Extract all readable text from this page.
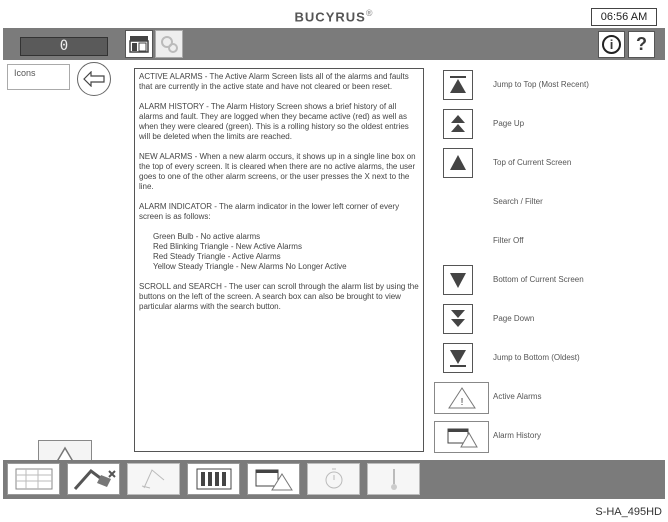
BUCYRUS®	06:56 AM
0	i	?
Icons	ACTIVE ALARMS - The Active Alarm Screen lists all of the alarms and faults that are currently in the active state and have not cleared or been reset.

ALARM HISTORY - The Alarm History Screen shows a brief history of all alarms and fault. They are logged when they became active (red) as well as when they were cleared (green). This is a rolling history so the oldest entries will be deleted when the limits are reached.

NEW ALARMS - When a new alarm occurs, it shows up in a single line box on the top of every screen. It is cleared when there are no active alarms, the user goes to one of the other alarm screens, or the user presses the X next to the line.

ALARM INDICATOR - The alarm indicator in the lower left corner of every screen is as follows:

Green Bulb - No active alarms
Red Blinking Triangle - New Active Alarms
Red Steady Triangle - Active Alarms
Yellow Steady Triangle - New Alarms No Longer Active

SCROLL and SEARCH - The user can scroll through the alarm list by using the buttons on the left of the screen. A search box can also be brought to view particular alarms with the search button.

Jump to Top (Most Recent)
Page Up
Top of Current Screen
Search / Filter
Filter Off
Bottom of Current Screen
Page Down
Jump to Bottom (Oldest)
!
Active Alarms
Alarm History
S-HA_495HD
